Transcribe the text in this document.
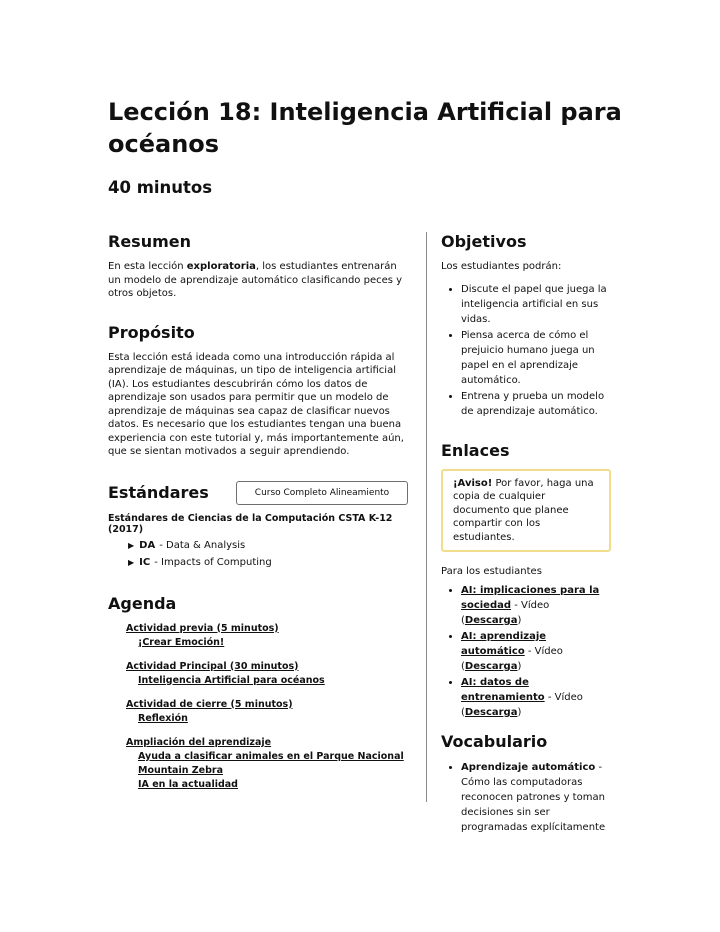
Lección 18: Inteligencia Artificial para océanos
40 minutos
Resumen

En esta lección exploratoria, los estudiantes entrenarán un modelo de aprendizaje automático clasificando peces y otros objetos.

Propósito

Esta lección está ideada como una introducción rápida al aprendizaje de máquinas, un tipo de inteligencia artificial (IA). Los estudiantes descubrirán cómo los datos de aprendizaje son usados para permitir que un modelo de aprendizaje de máquinas sea capaz de clasificar nuevos datos. Es necesario que los estudiantes tengan una buena experiencia con este tutorial y, más importantemente aún, que se sientan motivados a seguir aprendiendo.

Estándares	Curso Completo Alineamiento
Estándares de Ciencias de la Computación CSTA K-12 (2017)
▶ DA - Data & Analysis
▶ IC - Impacts of Computing
Agenda
Actividad previa (5 minutos)
¡Crear Emoción!
Actividad Principal (30 minutos)
Inteligencia Artificial para océanos
Actividad de cierre (5 minutos)
Reflexión
Ampliación del aprendizaje
Ayuda a clasificar animales en el Parque Nacional Mountain Zebra
IA en la actualidad
Objetivos

Los estudiantes podrán:

• Discute el papel que juega la inteligencia artificial en sus vidas.
• Piensa acerca de cómo el prejuicio humano juega un papel en el aprendizaje automático.
• Entrena y prueba un modelo de aprendizaje automático.
Enlaces
¡Aviso! Por favor, haga una copia de cualquier documento que planee compartir con los estudiantes.
Para los estudiantes
• AI: implicaciones para la sociedad - Vídeo (Descarga)
• AI: aprendizaje automático - Vídeo (Descarga)
• AI: datos de entrenamiento - Vídeo (Descarga)
Vocabulario
• Aprendizaje automático - Cómo las computadoras reconocen patrones y toman decisiones sin ser programadas explícitamente
